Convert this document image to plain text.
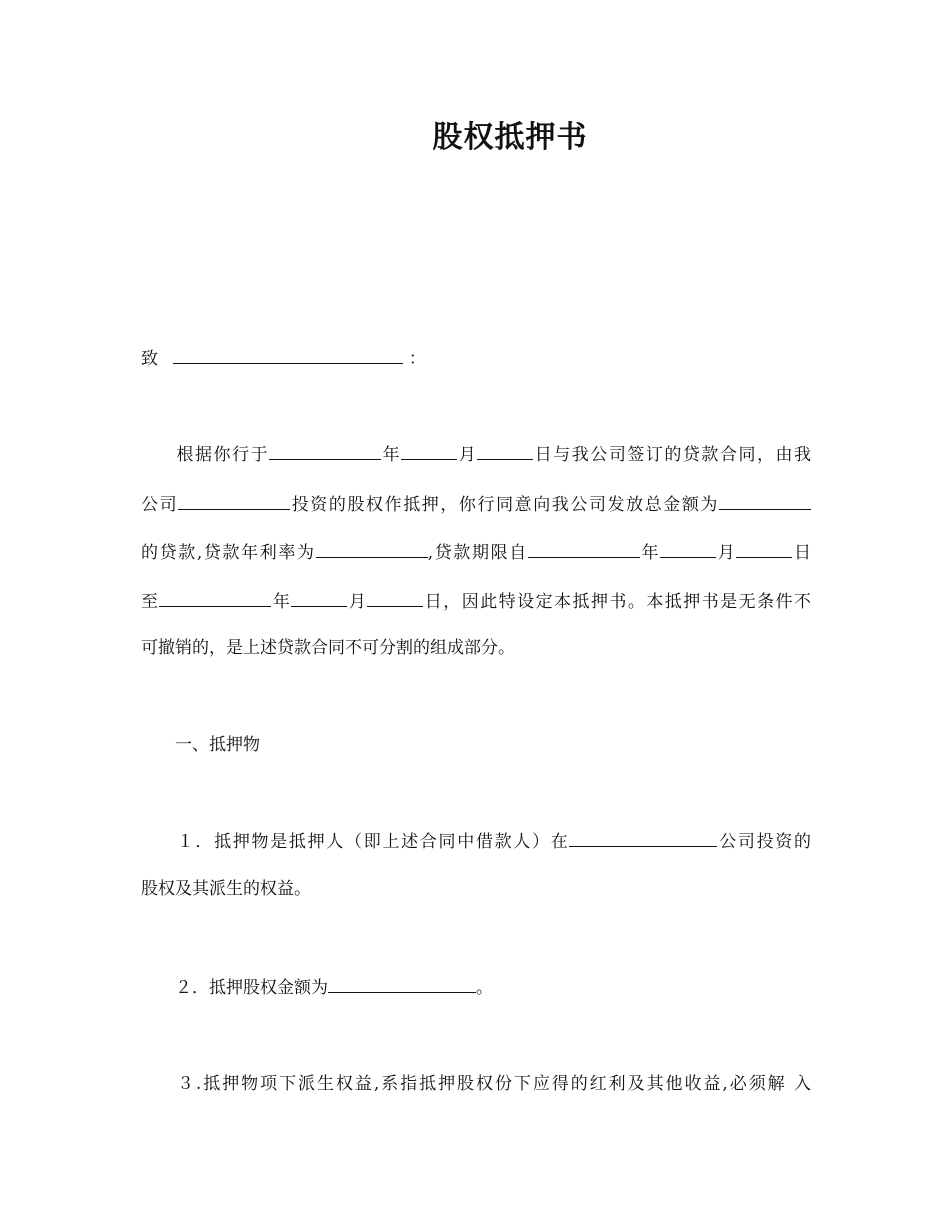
股权抵押书
致	：
根据你行于	年	月	日与我公司签订的贷款合同，由我
公司	投资的股权作抵押，你行同意向我公司发放总金额为
的贷款,贷款年利率为	,贷款期限自	年	月	日
至	年	月	日，因此特设定本抵押书。本抵押书是无条件不
可撤销的，是上述贷款合同不可分割的组成部分。
一、抵押物
１．抵押物是抵押人（即上述合同中借款人）在	公司投资的
股权及其派生的权益。
２．抵押股权金额为	。
３.抵押物项下派生权益,系指抵押股权份下应得的红利及其他收益,必须解 入
